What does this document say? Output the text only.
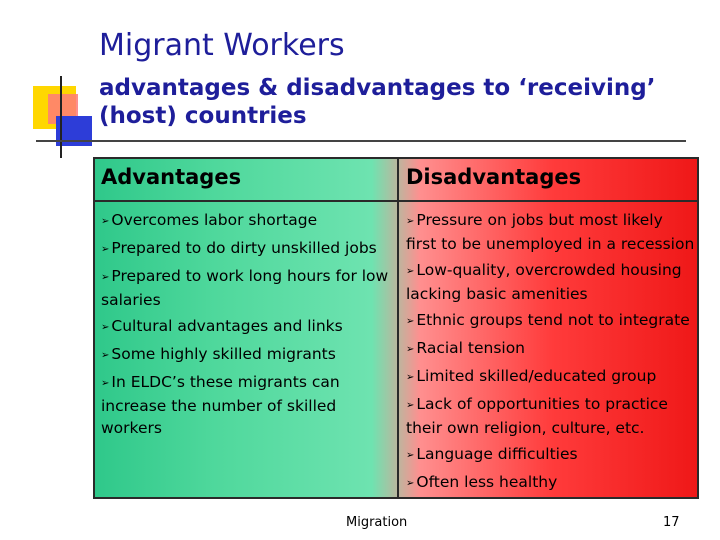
Migrant Workers
advantages & disadvantages to ‘receiving’ (host) countries
Advantages	Disadvantages
➢ Overcomes labor shortage
➢ Prepared to do dirty unskilled jobs
➢ Prepared to work long hours for low salaries
➢ Cultural advantages and links
➢ Some highly skilled migrants
➢ In ELDC’s these migrants can increase the number of skilled workers
➢ Pressure on jobs but most likely first to be unemployed in a recession
➢ Low-quality, overcrowded housing lacking basic amenities
➢ Ethnic groups tend not to integrate
➢ Racial tension
➢ Limited skilled/educated group
➢ Lack of opportunities to practice their own religion, culture, etc.
➢ Language difficulties
➢ Often less healthy
Migration	17
